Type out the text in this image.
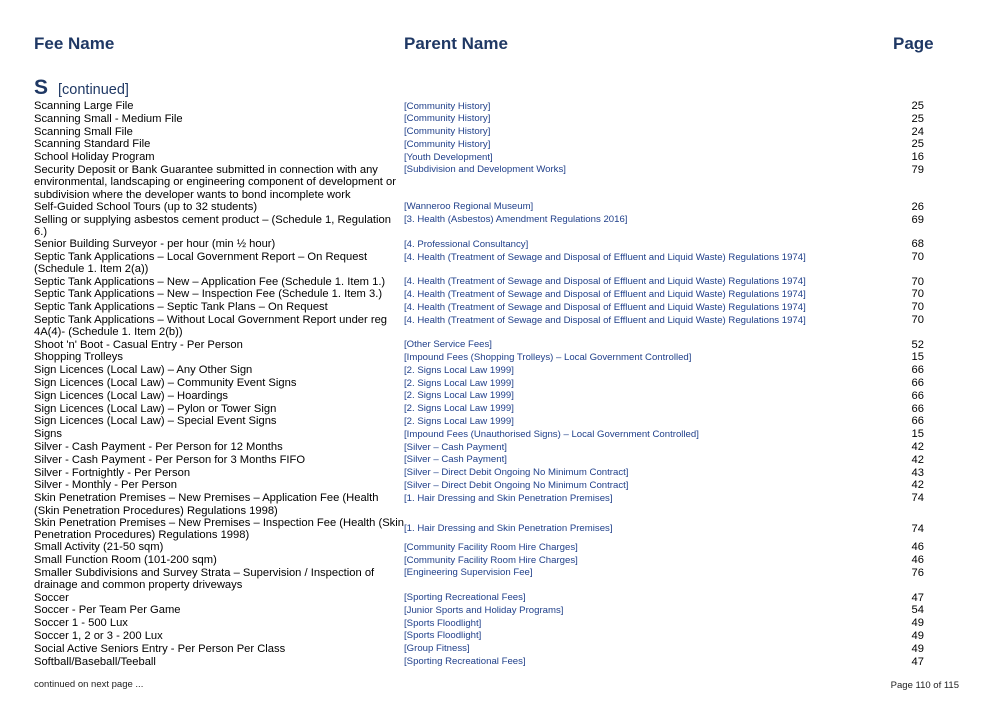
Fee Name	Parent Name	Page
S [continued]
Scanning Large File	[Community History]	25
Scanning Small - Medium File	[Community History]	25
Scanning Small File	[Community History]	24
Scanning Standard File	[Community History]	25
School Holiday Program	[Youth Development]	16
Security Deposit or Bank Guarantee submitted in connection with any environmental, landscaping or engineering component of development or subdivision where the developer wants to bond incomplete work
[Subdivision and Development Works]	79
Self-Guided School Tours (up to 32 students)	[Wanneroo Regional Museum]	26
Selling or supplying asbestos cement product – (Schedule 1, Regulation 6.)
[3. Health (Asbestos) Amendment Regulations 2016]	69
Senior Building Surveyor - per hour (min ½ hour)	[4. Professional Consultancy]	68
Septic Tank Applications – Local Government Report – On Request (Schedule 1. Item 2(a))
[4. Health (Treatment of Sewage and Disposal of Effluent and Liquid Waste) Regulations 1974]	70
Septic Tank Applications – New – Application Fee (Schedule 1. Item 1.)	[4. Health (Treatment of Sewage and Disposal of Effluent and Liquid Waste) Regulations 1974]	70
Septic Tank Applications – New – Inspection Fee (Schedule 1. Item 3.)	[4. Health (Treatment of Sewage and Disposal of Effluent and Liquid Waste) Regulations 1974]	70
Septic Tank Applications – Septic Tank Plans – On Request	[4. Health (Treatment of Sewage and Disposal of Effluent and Liquid Waste) Regulations 1974]	70
Septic Tank Applications – Without Local Government Report under reg 4A(4)- (Schedule 1. Item 2(b))
[4. Health (Treatment of Sewage and Disposal of Effluent and Liquid Waste) Regulations 1974]	70
Shoot 'n' Boot - Casual Entry - Per Person	[Other Service Fees]	52
Shopping Trolleys	[Impound Fees (Shopping Trolleys) – Local Government Controlled]	15
Sign Licences (Local Law) – Any Other Sign	[2. Signs Local Law 1999]	66
Sign Licences (Local Law) – Community Event Signs	[2. Signs Local Law 1999]	66
Sign Licences (Local Law) – Hoardings	[2. Signs Local Law 1999]	66
Sign Licences (Local Law) – Pylon or Tower Sign	[2. Signs Local Law 1999]	66
Sign Licences (Local Law) – Special Event Signs	[2. Signs Local Law 1999]	66
Signs	[Impound Fees (Unauthorised Signs) – Local Government Controlled]	15
Silver - Cash Payment - Per Person for 12 Months	[Silver – Cash Payment]	42
Silver - Cash Payment - Per Person for 3 Months FIFO	[Silver – Cash Payment]	42
Silver - Fortnightly - Per Person	[Silver – Direct Debit Ongoing No Minimum Contract]	43
Silver - Monthly - Per Person	[Silver – Direct Debit Ongoing No Minimum Contract]	42
Skin Penetration Premises – New Premises – Application Fee (Health (Skin Penetration Procedures) Regulations 1998)
[1. Hair Dressing and Skin Penetration Premises]	74
Skin Penetration Premises – New Premises – Inspection Fee (Health (Skin Penetration Procedures) Regulations 1998)
[1. Hair Dressing and Skin Penetration Premises]	74
Small Activity (21-50 sqm)	[Community Facility Room Hire Charges]	46
Small Function Room (101-200 sqm)	[Community Facility Room Hire Charges]	46
Smaller Subdivisions and Survey Strata – Supervision / Inspection of drainage and common property driveways
[Engineering Supervision Fee]	76
Soccer	[Sporting Recreational Fees]	47
Soccer - Per Team Per Game	[Junior Sports and Holiday Programs]	54
Soccer 1 - 500 Lux	[Sports Floodlight]	49
Soccer 1, 2 or 3 - 200 Lux	[Sports Floodlight]	49
Social Active Seniors Entry - Per Person Per Class	[Group Fitness]	49
Softball/Baseball/Teeball	[Sporting Recreational Fees]	47
continued on next page ...	Page 110 of 115
